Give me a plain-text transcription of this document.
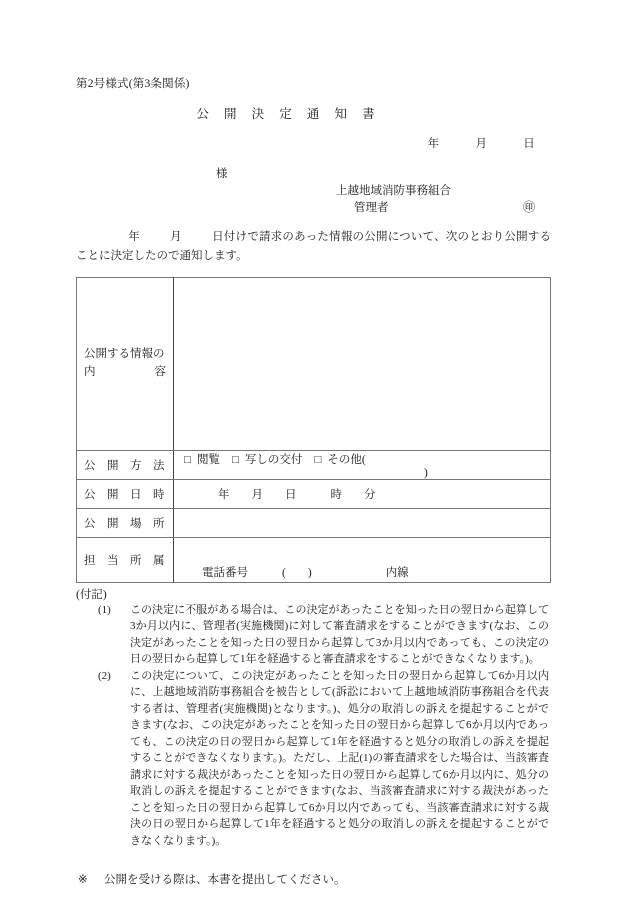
第2号様式(第3条関係)
公 開 決 定 通 知 書
年	月	日
様
上越地域消防事務組合
管理者	㊞
年	月	日付けで請求のあった情報の公開について、次のとおり公開することに決定したので通知します。
公開する情報の
内 容	

公　開　方　法	□ 閲覧 □ 写しの交付 □ その他()

公　開　日　時	年 月 日 時 分

公　開　場　所	

担　当　所　属	電話番号 ( ) 内線
(付記)
(1)	この決定に不服がある場合は、この決定があったことを知った日の翌日から起算して3か月以内に、管理者(実施機関)に対して審査請求をすることができます(なお、この決定があったことを知った日の翌日から起算して3か月以内であっても、この決定の日の翌日から起算して1年を経過すると審査請求をすることができなくなります。)。
(2)	この決定について、この決定があったことを知った日の翌日から起算して6か月以内に、上越地域消防事務組合を被告として(訴訟において上越地域消防事務組合を代表する者は、管理者(実施機関)となります。)、処分の取消しの訴えを提起することができます(なお、この決定があったことを知った日の翌日から起算して6か月以内であっても、この決定の日の翌日から起算して1年を経過すると処分の取消しの訴えを提起することができなくなります。)。ただし、上記(1)の審査請求をした場合は、当該審査請求に対する裁決があったことを知った日の翌日から起算して6か月以内に、処分の取消しの訴えを提起することができます(なお、当該審査請求に対する裁決があったことを知った日の翌日から起算して6か月以内であっても、当該審査請求に対する裁決の日の翌日から起算して1年を経過すると処分の取消しの訴えを提起することができなくなります。)。
※ 公開を受ける際は、本書を提出してください。
